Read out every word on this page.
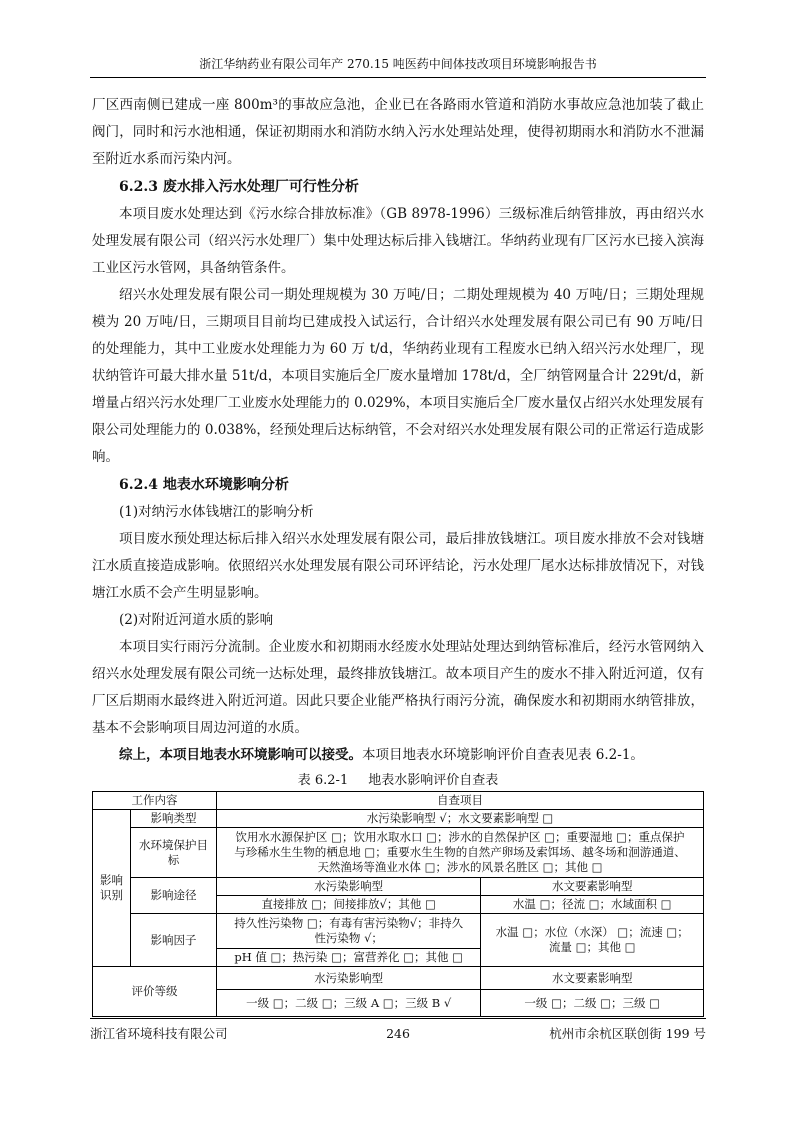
浙江华纳药业有限公司年产 270.15 吨医药中间体技改项目环境影响报告书

厂区西南侧已建成一座 800m³的事故应急池，企业已在各路雨水管道和消防水事故应急池加装了截止阀门，同时和污水池相通，保证初期雨水和消防水纳入污水处理站处理，使得初期雨水和消防水不泄漏至附近水系而污染内河。

6.2.3 废水排入污水处理厂可行性分析

本项目废水处理达到《污水综合排放标准》（GB 8978-1996）三级标准后纳管排放，再由绍兴水处理发展有限公司（绍兴污水处理厂）集中处理达标后排入钱塘江。华纳药业现有厂区污水已接入滨海工业区污水管网，具备纳管条件。

绍兴水处理发展有限公司一期处理规模为 30 万吨/日；二期处理规模为 40 万吨/日；三期处理规模为 20 万吨/日，三期项目目前均已建成投入试运行，合计绍兴水处理发展有限公司已有 90 万吨/日的处理能力，其中工业废水处理能力为 60 万 t/d，华纳药业现有工程废水已纳入绍兴污水处理厂，现状纳管许可最大排水量 51t/d，本项目实施后全厂废水量增加 178t/d，全厂纳管网量合计 229t/d，新增量占绍兴污水处理厂工业废水处理能力的 0.029%，本项目实施后全厂废水量仅占绍兴水处理发展有限公司处理能力的 0.038%，经预处理后达标纳管，不会对绍兴水处理发展有限公司的正常运行造成影响。

6.2.4 地表水环境影响分析

(1)对纳污水体钱塘江的影响分析

项目废水预处理达标后排入绍兴水处理发展有限公司，最后排放钱塘江。项目废水排放不会对钱塘江水质直接造成影响。依照绍兴水处理发展有限公司环评结论，污水处理厂尾水达标排放情况下，对钱塘江水质不会产生明显影响。

(2)对附近河道水质的影响

本项目实行雨污分流制。企业废水和初期雨水经废水处理站处理达到纳管标准后，经污水管网纳入绍兴水处理发展有限公司统一达标处理，最终排放钱塘江。故本项目产生的废水不排入附近河道，仅有厂区后期雨水最终进入附近河道。因此只要企业能严格执行雨污分流，确保废水和初期雨水纳管排放，基本不会影响项目周边河道的水质。

综上，本项目地表水环境影响可以接受。本项目地表水环境影响评价自查表见表 6.2-1。

表 6.2-1 地表水影响评价自查表
工作内容		自查项目	
影响识别	影响类型	水污染影响型 √；水文要素影响型 □	
	水环境保护目标	饮用水水源保护区 □；饮用水取水口 □；涉水的自然保护区 □；重要湿地 □；重点保护与珍稀水生生物的栖息地 □；重要水生生物的自然产卵场及索饵场、越冬场和洄游通道、天然渔场等渔业水体 □；涉水的风景名胜区 □；其他 □	
	影响途径	水污染影响型	水文要素影响型
		直接排放 □；间接排放√；其他 □	水温 □；径流 □；水域面积 □
	影响因子	持久性污染物 □；有毒有害污染物√；非持久性污染物 √；	水温 □；水位（水深） □；流速 □；流量 □；其他 □
		pH 值 □；热污染 □；富营养化 □；其他 □	
评价等级		水污染影响型	水文要素影响型
		一级 □；二级 □；三级 A □；三级 B √	一级 □；二级 □；三级 □
浙江省环境科技有限公司	246	杭州市余杭区联创街 199 号
